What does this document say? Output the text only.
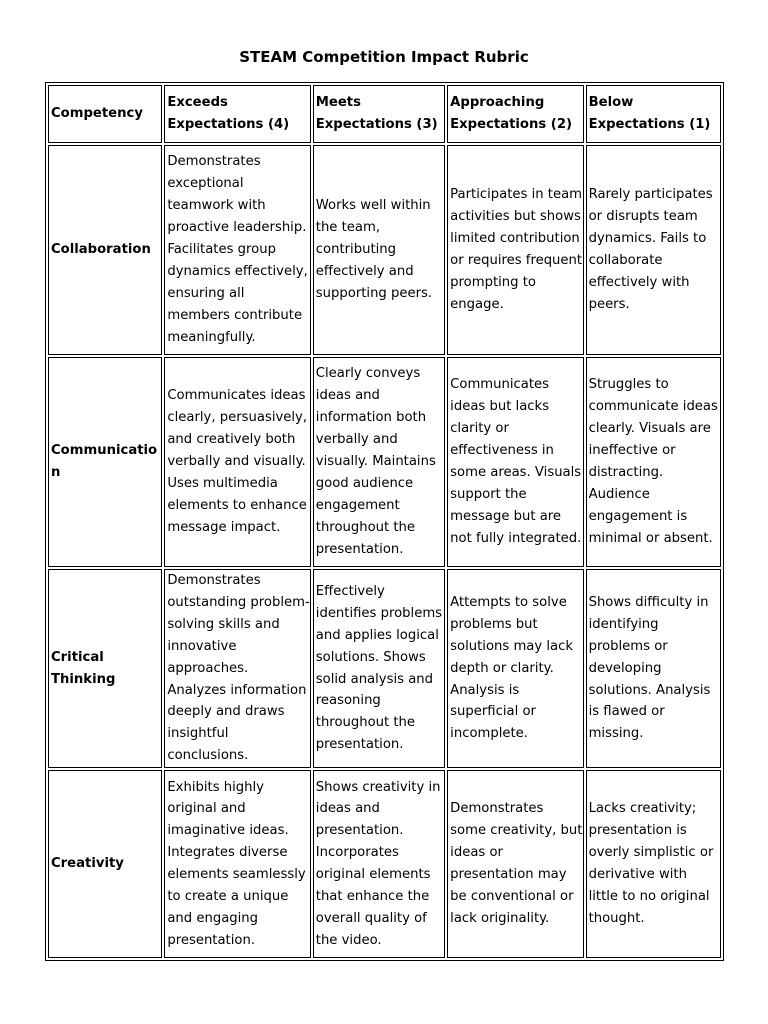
STEAM Competition Impact Rubric
Competency	Exceeds Expectations (4)	Meets Expectations (3)	Approaching Expectations (2)	Below Expectations (1)
Collaboration	Demonstrates exceptional teamwork with proactive leadership. Facilitates group dynamics effectively, ensuring all members contribute meaningfully.	Works well within the team, contributing effectively and supporting peers.	Participates in team activities but shows limited contribution or requires frequent prompting to engage.	Rarely participates or disrupts team dynamics. Fails to collaborate effectively with peers.
Communication	Communicates ideas clearly, persuasively, and creatively both verbally and visually. Uses multimedia elements to enhance message impact.	Clearly conveys ideas and information both verbally and visually. Maintains good audience engagement throughout the presentation.	Communicates ideas but lacks clarity or effectiveness in some areas. Visuals support the message but are not fully integrated.	Struggles to communicate ideas clearly. Visuals are ineffective or distracting. Audience engagement is minimal or absent.
Critical Thinking	Demonstrates outstanding problem-solving skills and innovative approaches. Analyzes information deeply and draws insightful conclusions.	Effectively identifies problems and applies logical solutions. Shows solid analysis and reasoning throughout the presentation.	Attempts to solve problems but solutions may lack depth or clarity. Analysis is superficial or incomplete.	Shows difficulty in identifying problems or developing solutions. Analysis is flawed or missing.
Creativity	Exhibits highly original and imaginative ideas. Integrates diverse elements seamlessly to create a unique and engaging presentation.	Shows creativity in ideas and presentation. Incorporates original elements that enhance the overall quality of the video.	Demonstrates some creativity, but ideas or presentation may be conventional or lack originality.	Lacks creativity; presentation is overly simplistic or derivative with little to no original thought.
